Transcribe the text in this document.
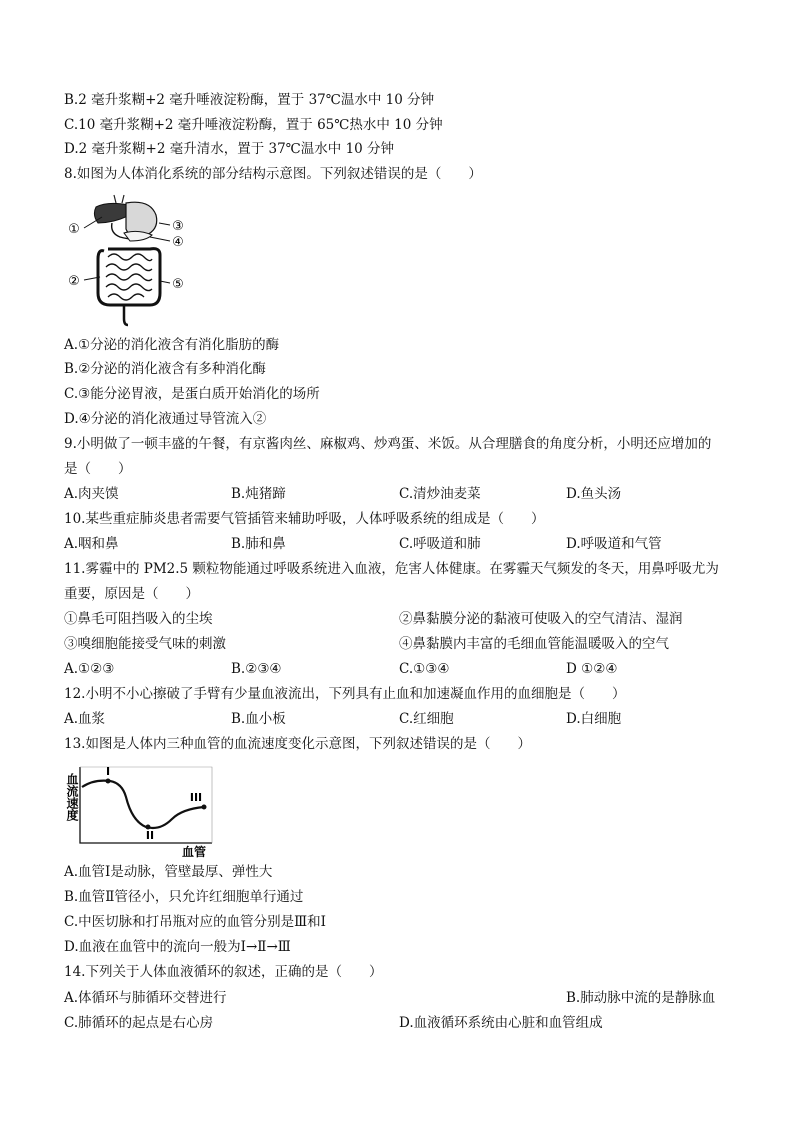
B.2 毫升浆糊+2 毫升唾液淀粉酶，置于 37℃温水中 10 分钟
C.10 毫升浆糊+2 毫升唾液淀粉酶，置于 65℃热水中 10 分钟
D.2 毫升浆糊+2 毫升清水，置于 37℃温水中 10 分钟
8.如图为人体消化系统的部分结构示意图。下列叙述错误的是（　　）
①
②
③
④
⑤
A.①分泌的消化液含有消化脂肪的酶
B.②分泌的消化液含有多种消化酶
C.③能分泌胃液，是蛋白质开始消化的场所
D.④分泌的消化液通过导管流入②
9.小明做了一顿丰盛的午餐，有京酱肉丝、麻椒鸡、炒鸡蛋、米饭。从合理膳食的角度分析，小明还应增加的
是（　　）
A.肉夹馍	B.炖猪蹄	C.清炒油麦菜	D.鱼头汤
10.某些重症肺炎患者需要气管插管来辅助呼吸，人体呼吸系统的组成是（　　）
A.咽和鼻	B.肺和鼻	C.呼吸道和肺	D.呼吸道和气管
11.雾霾中的 PM2.5 颗粒物能通过呼吸系统进入血液，危害人体健康。在雾霾天气频发的冬天，用鼻呼吸尤为
重要，原因是（　　）
①鼻毛可阻挡吸入的尘埃	②鼻黏膜分泌的黏液可使吸入的空气清洁、湿润
③嗅细胞能接受气味的刺激	④鼻黏膜内丰富的毛细血管能温暖吸入的空气
A.①②③	B.②③④	C.①③④	D ①②④
12.小明不小心擦破了手臂有少量血液流出，下列具有止血和加速凝血作用的血细胞是（　　）
A.血浆	B.血小板	C.红细胞	D.白细胞
13.如图是人体内三种血管的血流速度变化示意图，下列叙述错误的是（　　）
血流速度
I
II
III
血管
A.血管Ⅰ是动脉，管壁最厚、弹性大
B.血管Ⅱ管径小，只允许红细胞单行通过
C.中医切脉和打吊瓶对应的血管分别是Ⅲ和Ⅰ
D.血液在血管中的流向一般为Ⅰ→Ⅱ→Ⅲ
14.下列关于人体血液循环的叙述，正确的是（　　）
A.体循环与肺循环交替进行	B.肺动脉中流的是静脉血
C.肺循环的起点是右心房	D.血液循环系统由心脏和血管组成
